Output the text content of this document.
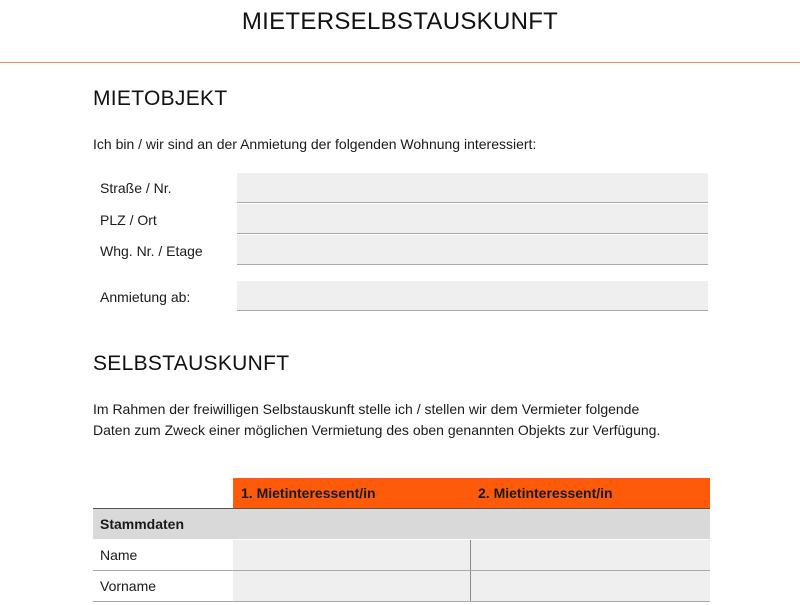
MIETERSELBSTAUSKUNFT
MIETOBJEKT
Ich bin / wir sind an der Anmietung der folgenden Wohnung interessiert:
Straße / Nr.
PLZ / Ort
Whg. Nr. / Etage
Anmietung ab:
SELBSTAUSKUNFT
Im Rahmen der freiwilligen Selbstauskunft stelle ich / stellen wir dem Vermieter folgende
Daten zum Zweck einer möglichen Vermietung des oben genannten Objekts zur Verfügung.
1. Mietinteressent/in	2. Mietinteressent/in
Stammdaten
Name
Vorname
